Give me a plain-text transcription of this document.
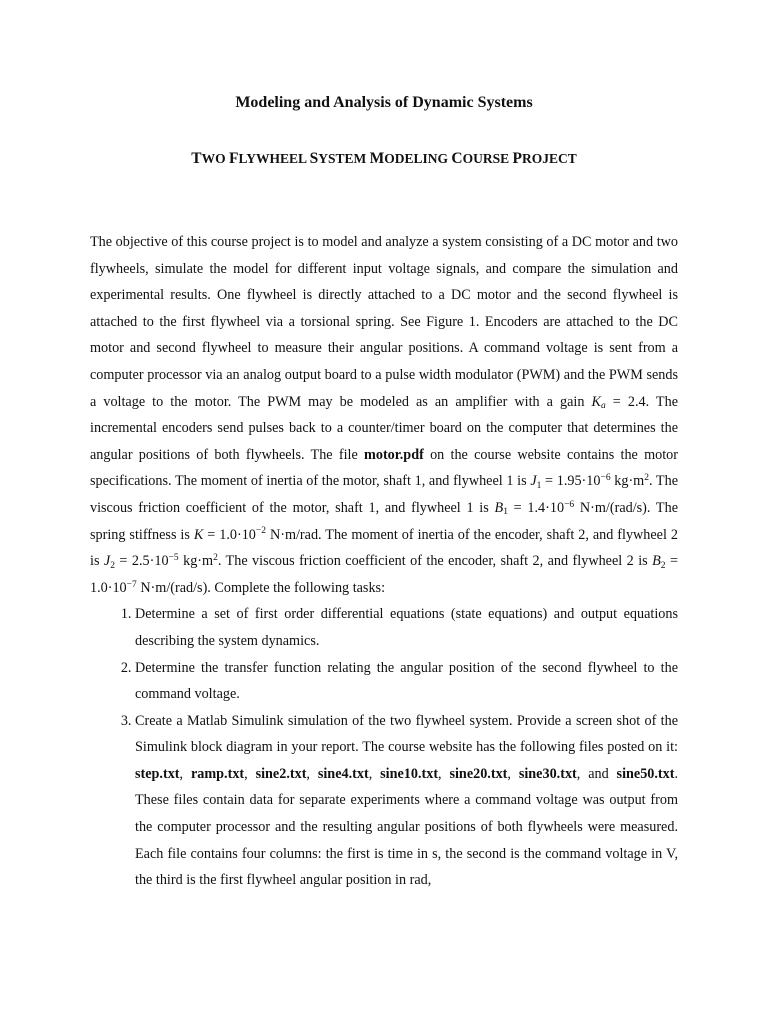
Modeling and Analysis of Dynamic Systems
TWO FLYWHEEL SYSTEM MODELING COURSE PROJECT

The objective of this course project is to model and analyze a system consisting of a DC motor and two flywheels, simulate the model for different input voltage signals, and compare the simulation and experimental results. One flywheel is directly attached to a DC motor and the second flywheel is attached to the first flywheel via a torsional spring. See Figure 1. Encoders are attached to the DC motor and second flywheel to measure their angular positions. A command voltage is sent from a computer processor via an analog output board to a pulse width modulator (PWM) and the PWM sends a voltage to the motor. The PWM may be modeled as an amplifier with a gain $K_a = 2.4$. The incremental encoders send pulses back to a counter/timer board on the computer that determines the angular positions of both flywheels. The file motor.pdf on the course website contains the motor specifications. The moment of inertia of the motor, shaft 1, and flywheel 1 is $J_1 = 1.95\cdot 10^{-6}$ $kg\cdot m^2$. The viscous friction coefficient of the motor, shaft 1, and flywheel 1 is $B_1 = 1.4\cdot 10^{-6}$ N·m/(rad/s). The spring stiffness is $K = 1.0\cdot 10^{-2}$ N·m/rad. The moment of inertia of the encoder, shaft 2, and flywheel 2 is $J_2 = 2.5\cdot 10^{-5}$ $kg\cdot m^2$. The viscous friction coefficient of the encoder, shaft 2, and flywheel 2 is $B_2 = 1.0\cdot 10^{-7}$ N·m/(rad/s). Complete the following tasks:

1. Determine a set of first order differential equations (state equations) and output equations describing the system dynamics.
2. Determine the transfer function relating the angular position of the second flywheel to the command voltage.
3. Create a Matlab Simulink simulation of the two flywheel system. Provide a screen shot of the Simulink block diagram in your report. The course website has the following files posted on it: step.txt, ramp.txt, sine2.txt, sine4.txt, sine10.txt, sine20.txt, sine30.txt, and sine50.txt. These files contain data for separate experiments where a command voltage was output from the computer processor and the resulting angular positions of both flywheels were measured. Each file contains four columns: the first is time in s, the second is the command voltage in V, the third is the first flywheel angular position in rad,
